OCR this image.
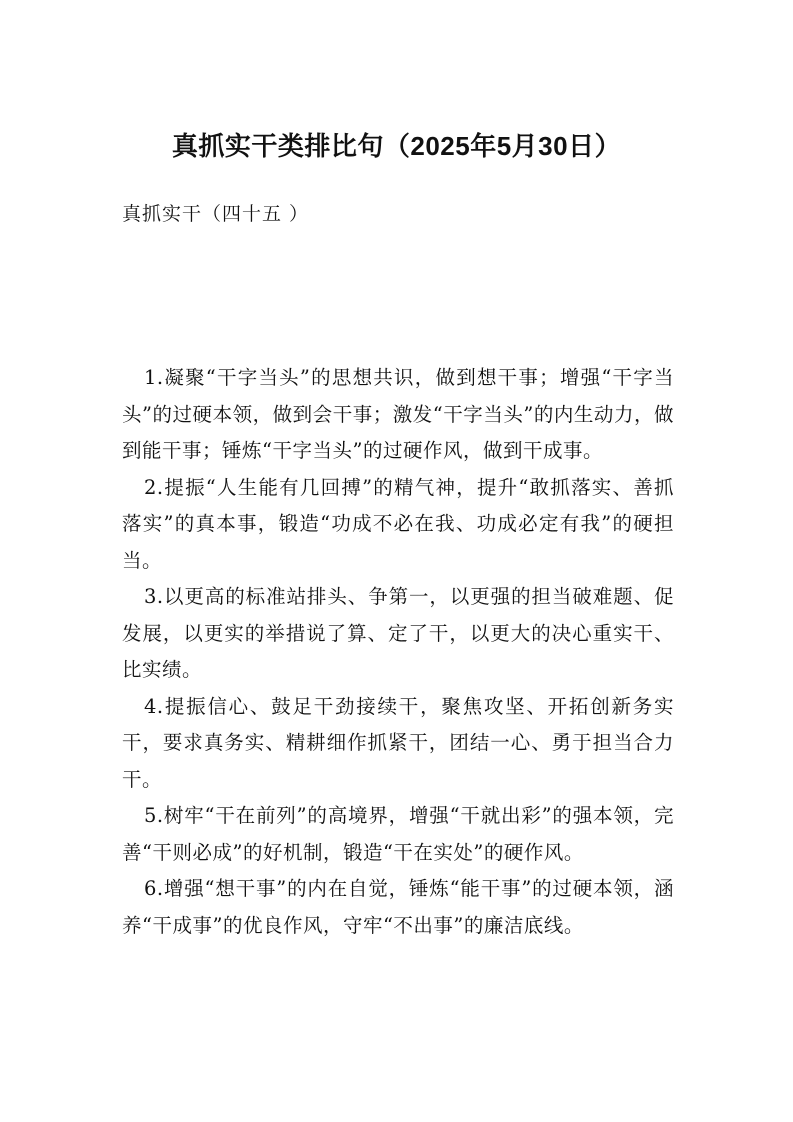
真抓实干类排比句（2025年5月30日）

真抓实干（四十五 ）

1.凝聚“干字当头”的思想共识，做到想干事；增强“干字当头”的过硬本领，做到会干事；激发“干字当头”的内生动力，做到能干事；锤炼“干字当头”的过硬作风，做到干成事。

2.提振“人生能有几回搏”的精气神，提升“敢抓落实、善抓落实”的真本事，锻造“功成不必在我、功成必定有我”的硬担当。

3.以更高的标准站排头、争第一，以更强的担当破难题、促发展，以更实的举措说了算、定了干，以更大的决心重实干、比实绩。

4.提振信心、鼓足干劲接续干，聚焦攻坚、开拓创新务实干，要求真务实、精耕细作抓紧干，团结一心、勇于担当合力干。

5.树牢“干在前列”的高境界，增强“干就出彩”的强本领，完善“干则必成”的好机制，锻造“干在实处”的硬作风。

6.增强“想干事”的内在自觉，锤炼“能干事”的过硬本领，涵养“干成事”的优良作风，守牢“不出事”的廉洁底线。
